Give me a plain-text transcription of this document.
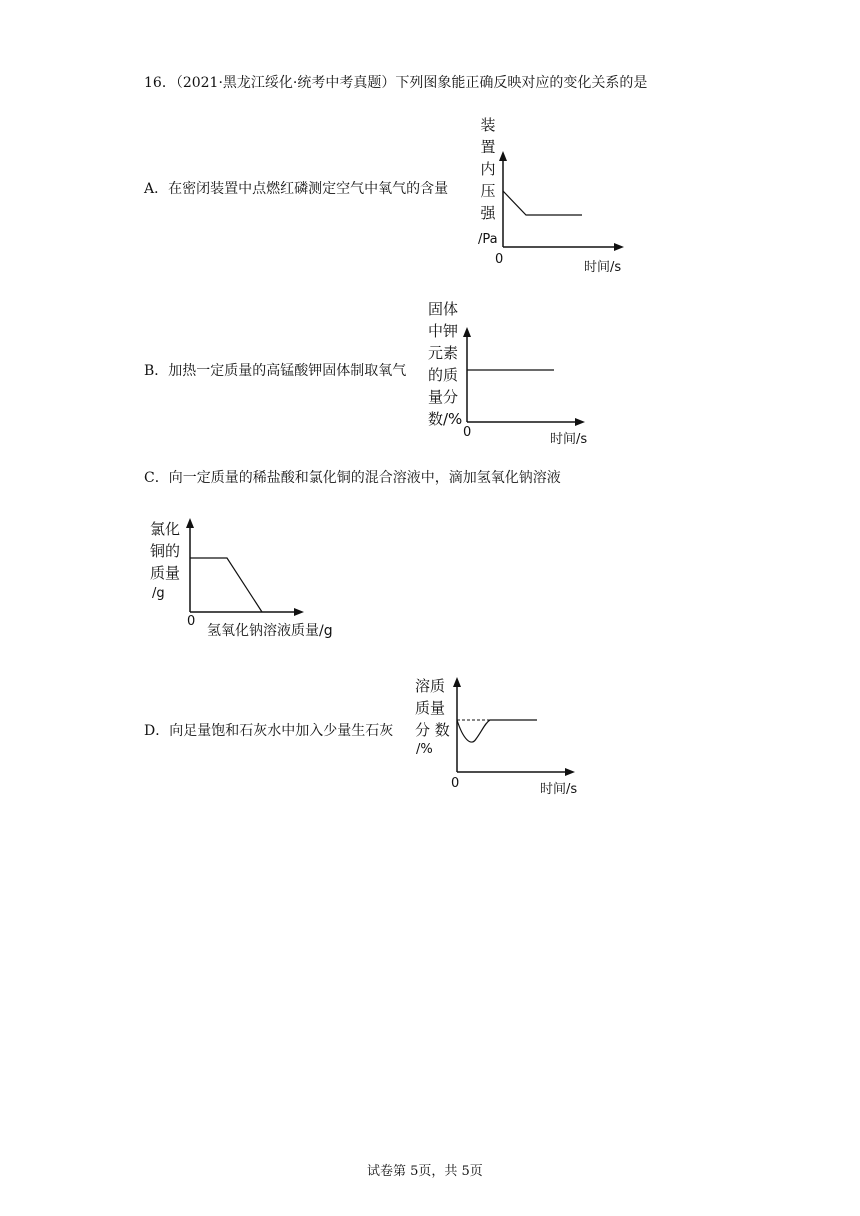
16．（2021·黑龙江绥化·统考中考真题）下列图象能正确反映对应的变化关系的是
A．在密闭装置中点燃红磷测定空气中氧气的含量
装
置
内
压
强
/Pa
0
时间/s
B．加热一定质量的高锰酸钾固体制取氧气
固体
中钾
元素
的质
量分
数/%
0	时间/s
C．向一定质量的稀盐酸和氯化铜的混合溶液中，滴加氢氧化钠溶液
氯化
铜的
质量
/g
0
氢氧化钠溶液质量/g
D．向足量饱和石灰水中加入少量生石灰
溶质
质量
分 数
/%
0	时间/s
试卷第 5页，共 5页
